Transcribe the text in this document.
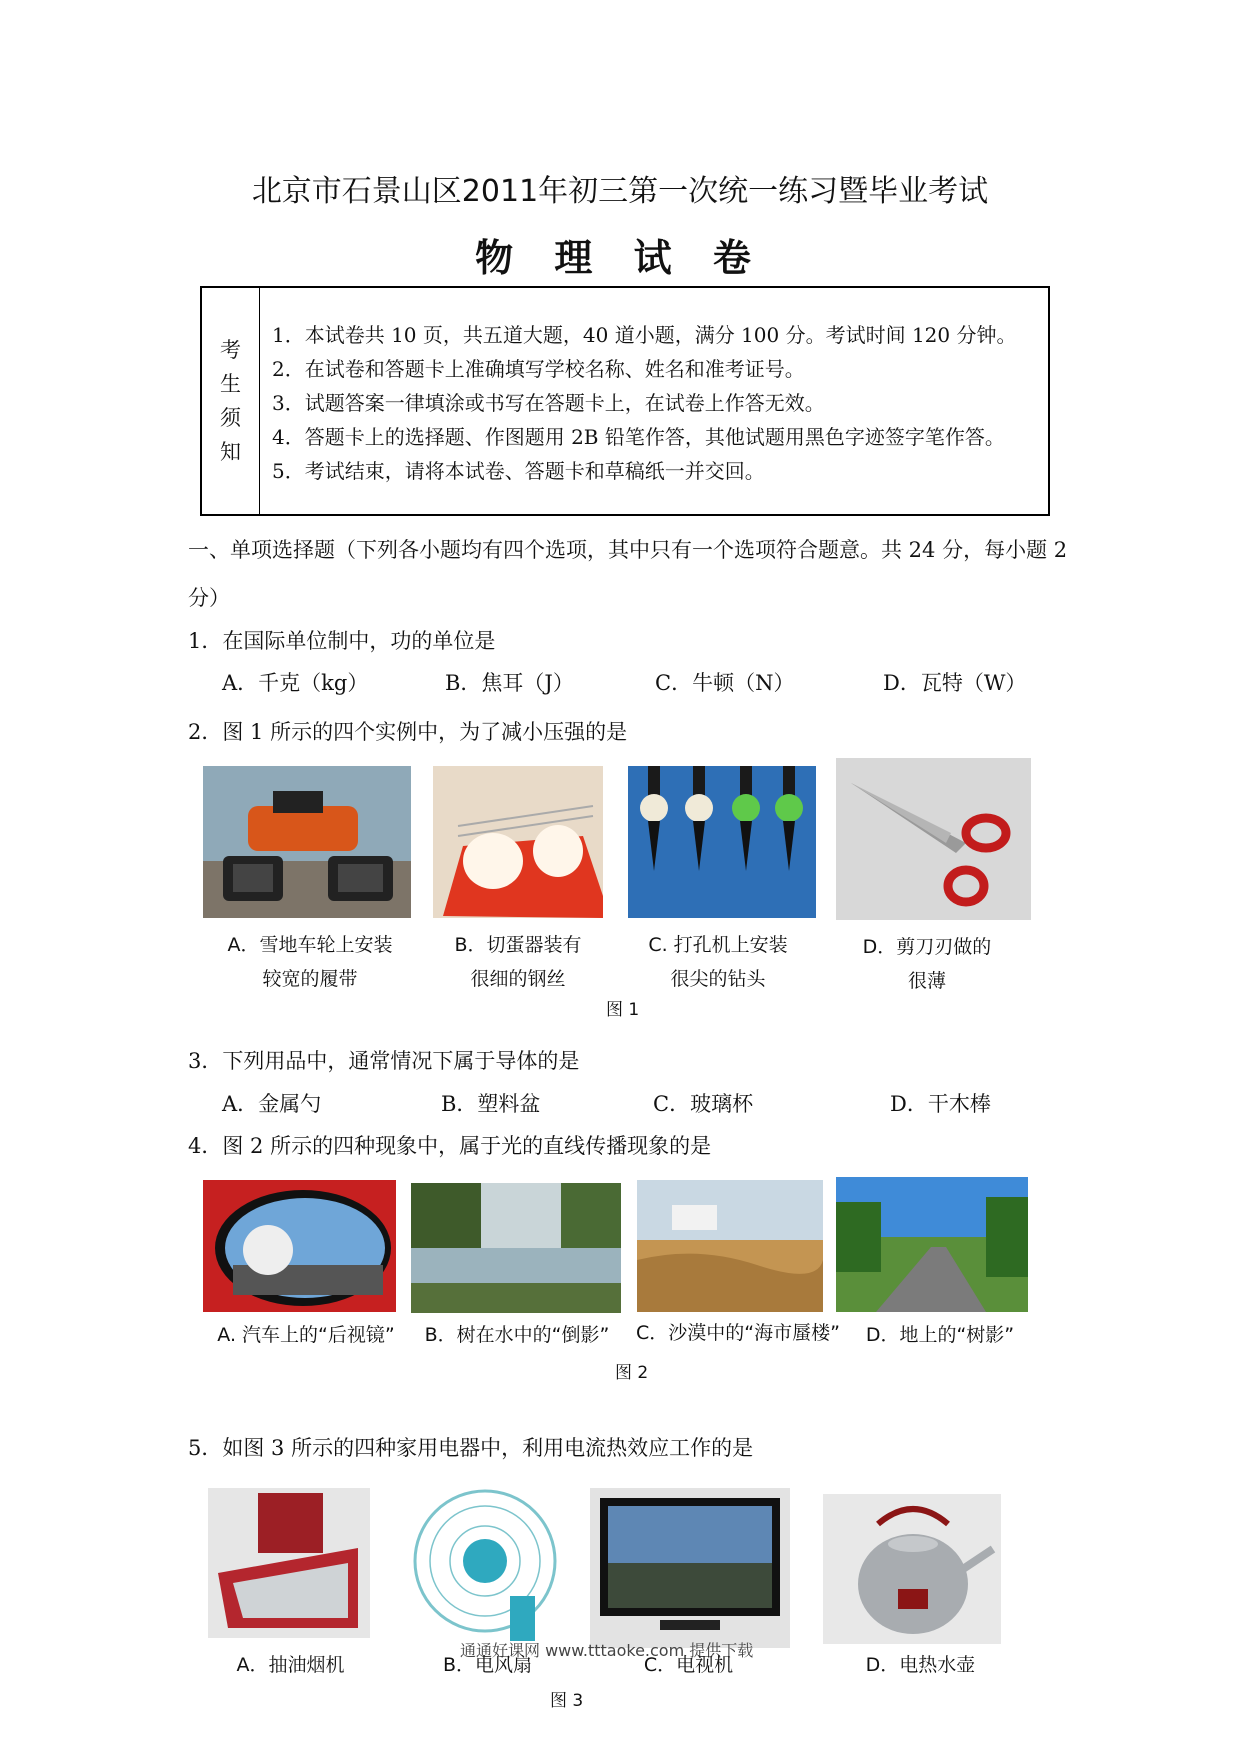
北京市石景山区2011年初三第一次统一练习暨毕业考试
物 理 试 卷
考
生
须
知
1．本试卷共 10 页，共五道大题，40 道小题，满分 100 分。考试时间 120 分钟。
2．在试卷和答题卡上准确填写学校名称、姓名和准考证号。
3．试题答案一律填涂或书写在答题卡上，在试卷上作答无效。
4．答题卡上的选择题、作图题用 2B 铅笔作答，其他试题用黑色字迹签字笔作答。
5．考试结束，请将本试卷、答题卡和草稿纸一并交回。
一、单项选择题（下列各小题均有四个选项，其中只有一个选项符合题意。共 24 分，每小题 2 分）
1．在国际单位制中，功的单位是
A．千克（kg）	B．焦耳（J）	C．牛顿（N）	D．瓦特（W）
2．图 1 所示的四个实例中，为了减小压强的是
A．雪地车轮上安装
较宽的履带
B．切蛋器装有
很细的钢丝
C. 打孔机上安装
很尖的钻头
D．剪刀刃做的
很薄
图 1
3．下列用品中，通常情况下属于导体的是
A．金属勺	B．塑料盆	C．玻璃杯	D．干木棒
4．图 2 所示的四种现象中，属于光的直线传播现象的是
A. 汽车上的“后视镜”	B．树在水中的“倒影”	C．沙漠中的“海市蜃楼”	D．地上的“树影”
图 2
5．如图 3 所示的四种家用电器中，利用电流热效应工作的是
通通好课网 www.tttaoke.com 提供下载
A．抽油烟机	B．电风扇	C．电视机	D．电热水壶
图 3
